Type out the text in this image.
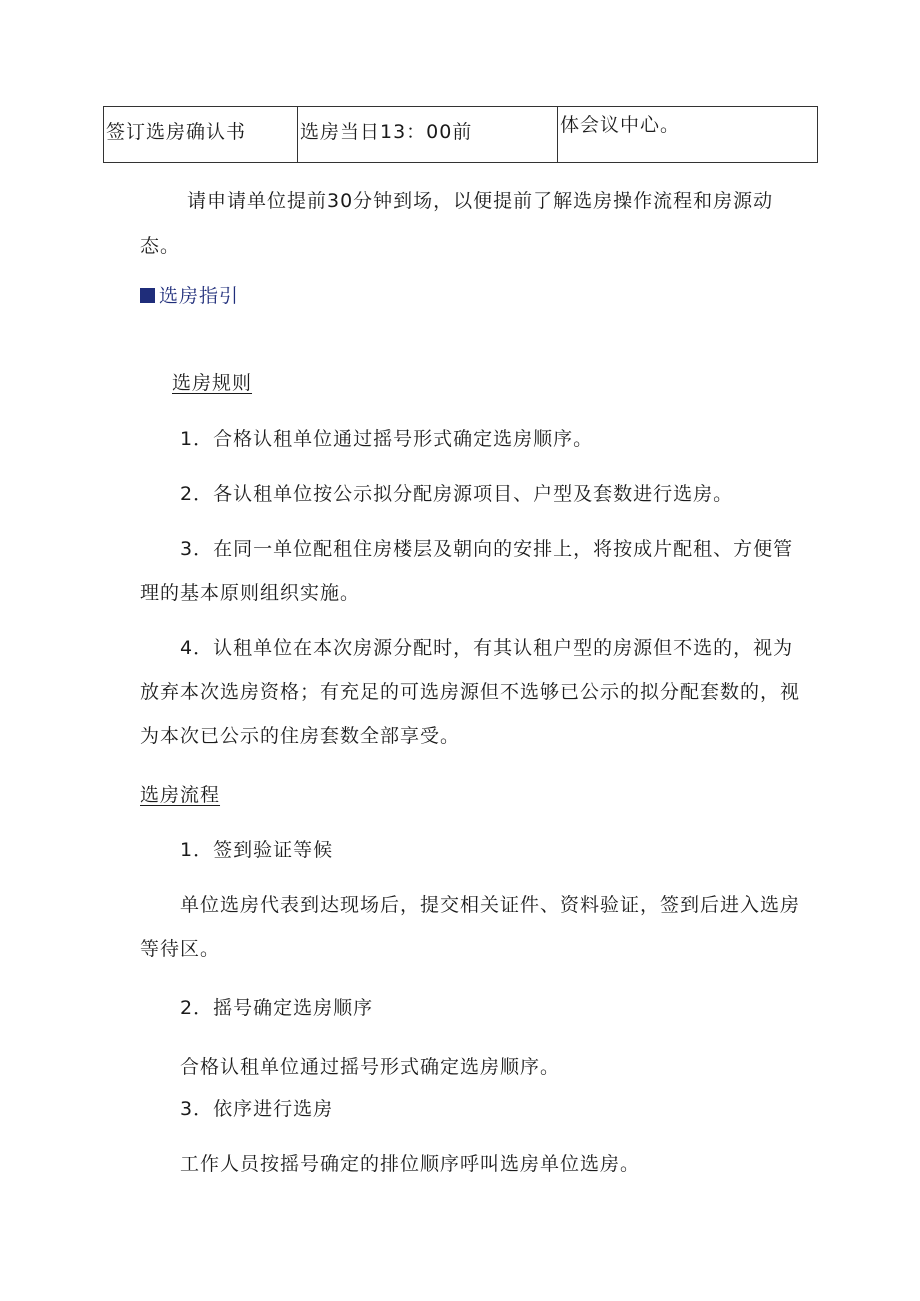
签订选房确认书	选房当日13：00前	体会议中心。
请申请单位提前30分钟到场，以便提前了解选房操作流程和房源动
态。
选房指引
选房规则
1．合格认租单位通过摇号形式确定选房顺序。
2．各认租单位按公示拟分配房源项目、户型及套数进行选房。
3．在同一单位配租住房楼层及朝向的安排上，将按成片配租、方便管
理的基本原则组织实施。
4．认租单位在本次房源分配时，有其认租户型的房源但不选的，视为
放弃本次选房资格；有充足的可选房源但不选够已公示的拟分配套数的，视
为本次已公示的住房套数全部享受。
选房流程
1．签到验证等候
单位选房代表到达现场后，提交相关证件、资料验证，签到后进入选房
等待区。
2．摇号确定选房顺序
合格认租单位通过摇号形式确定选房顺序。
3．依序进行选房
工作人员按摇号确定的排位顺序呼叫选房单位选房。
